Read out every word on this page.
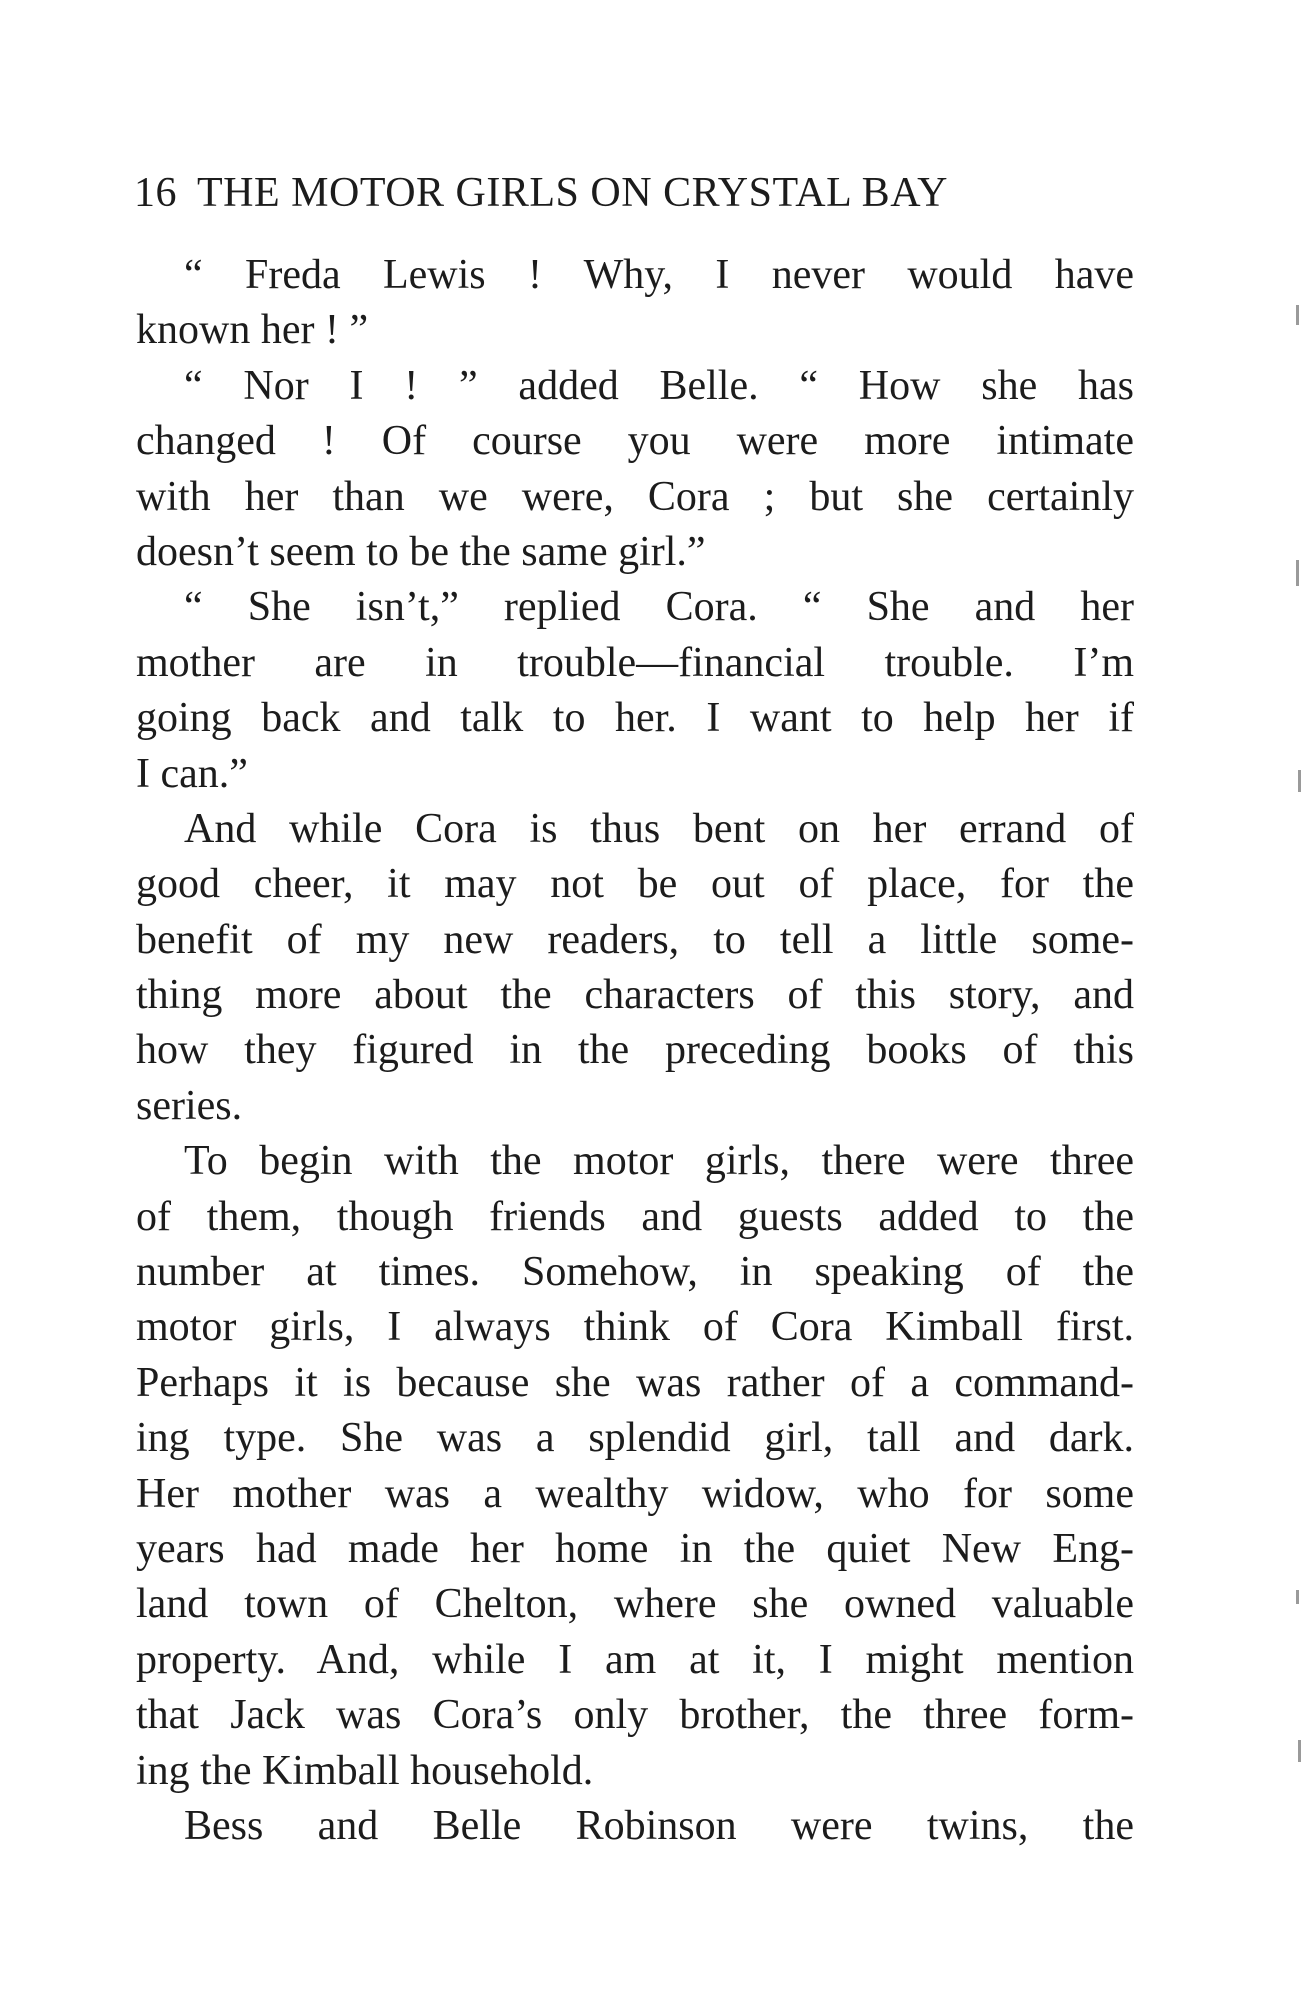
16 THE MOTOR GIRLS ON CRYSTAL BAY
“ Freda Lewis ! Why, I never would have
known her ! ”
“ Nor I ! ” added Belle. “ How she has
changed ! Of course you were more intimate
with her than we were, Cora ; but she certainly
doesn’t seem to be the same girl.”
“ She isn’t,” replied Cora. “ She and her
mother are in trouble—financial trouble. I’m
going back and talk to her. I want to help her if
I can.”
And while Cora is thus bent on her errand of
good cheer, it may not be out of place, for the
benefit of my new readers, to tell a little some-
thing more about the characters of this story, and
how they figured in the preceding books of this
series.
To begin with the motor girls, there were three
of them, though friends and guests added to the
number at times. Somehow, in speaking of the
motor girls, I always think of Cora Kimball first.
Perhaps it is because she was rather of a command-
ing type. She was a splendid girl, tall and dark.
Her mother was a wealthy widow, who for some
years had made her home in the quiet New Eng-
land town of Chelton, where she owned valuable
property. And, while I am at it, I might mention
that Jack was Cora’s only brother, the three form-
ing the Kimball household.
Bess and Belle Robinson were twins, the
